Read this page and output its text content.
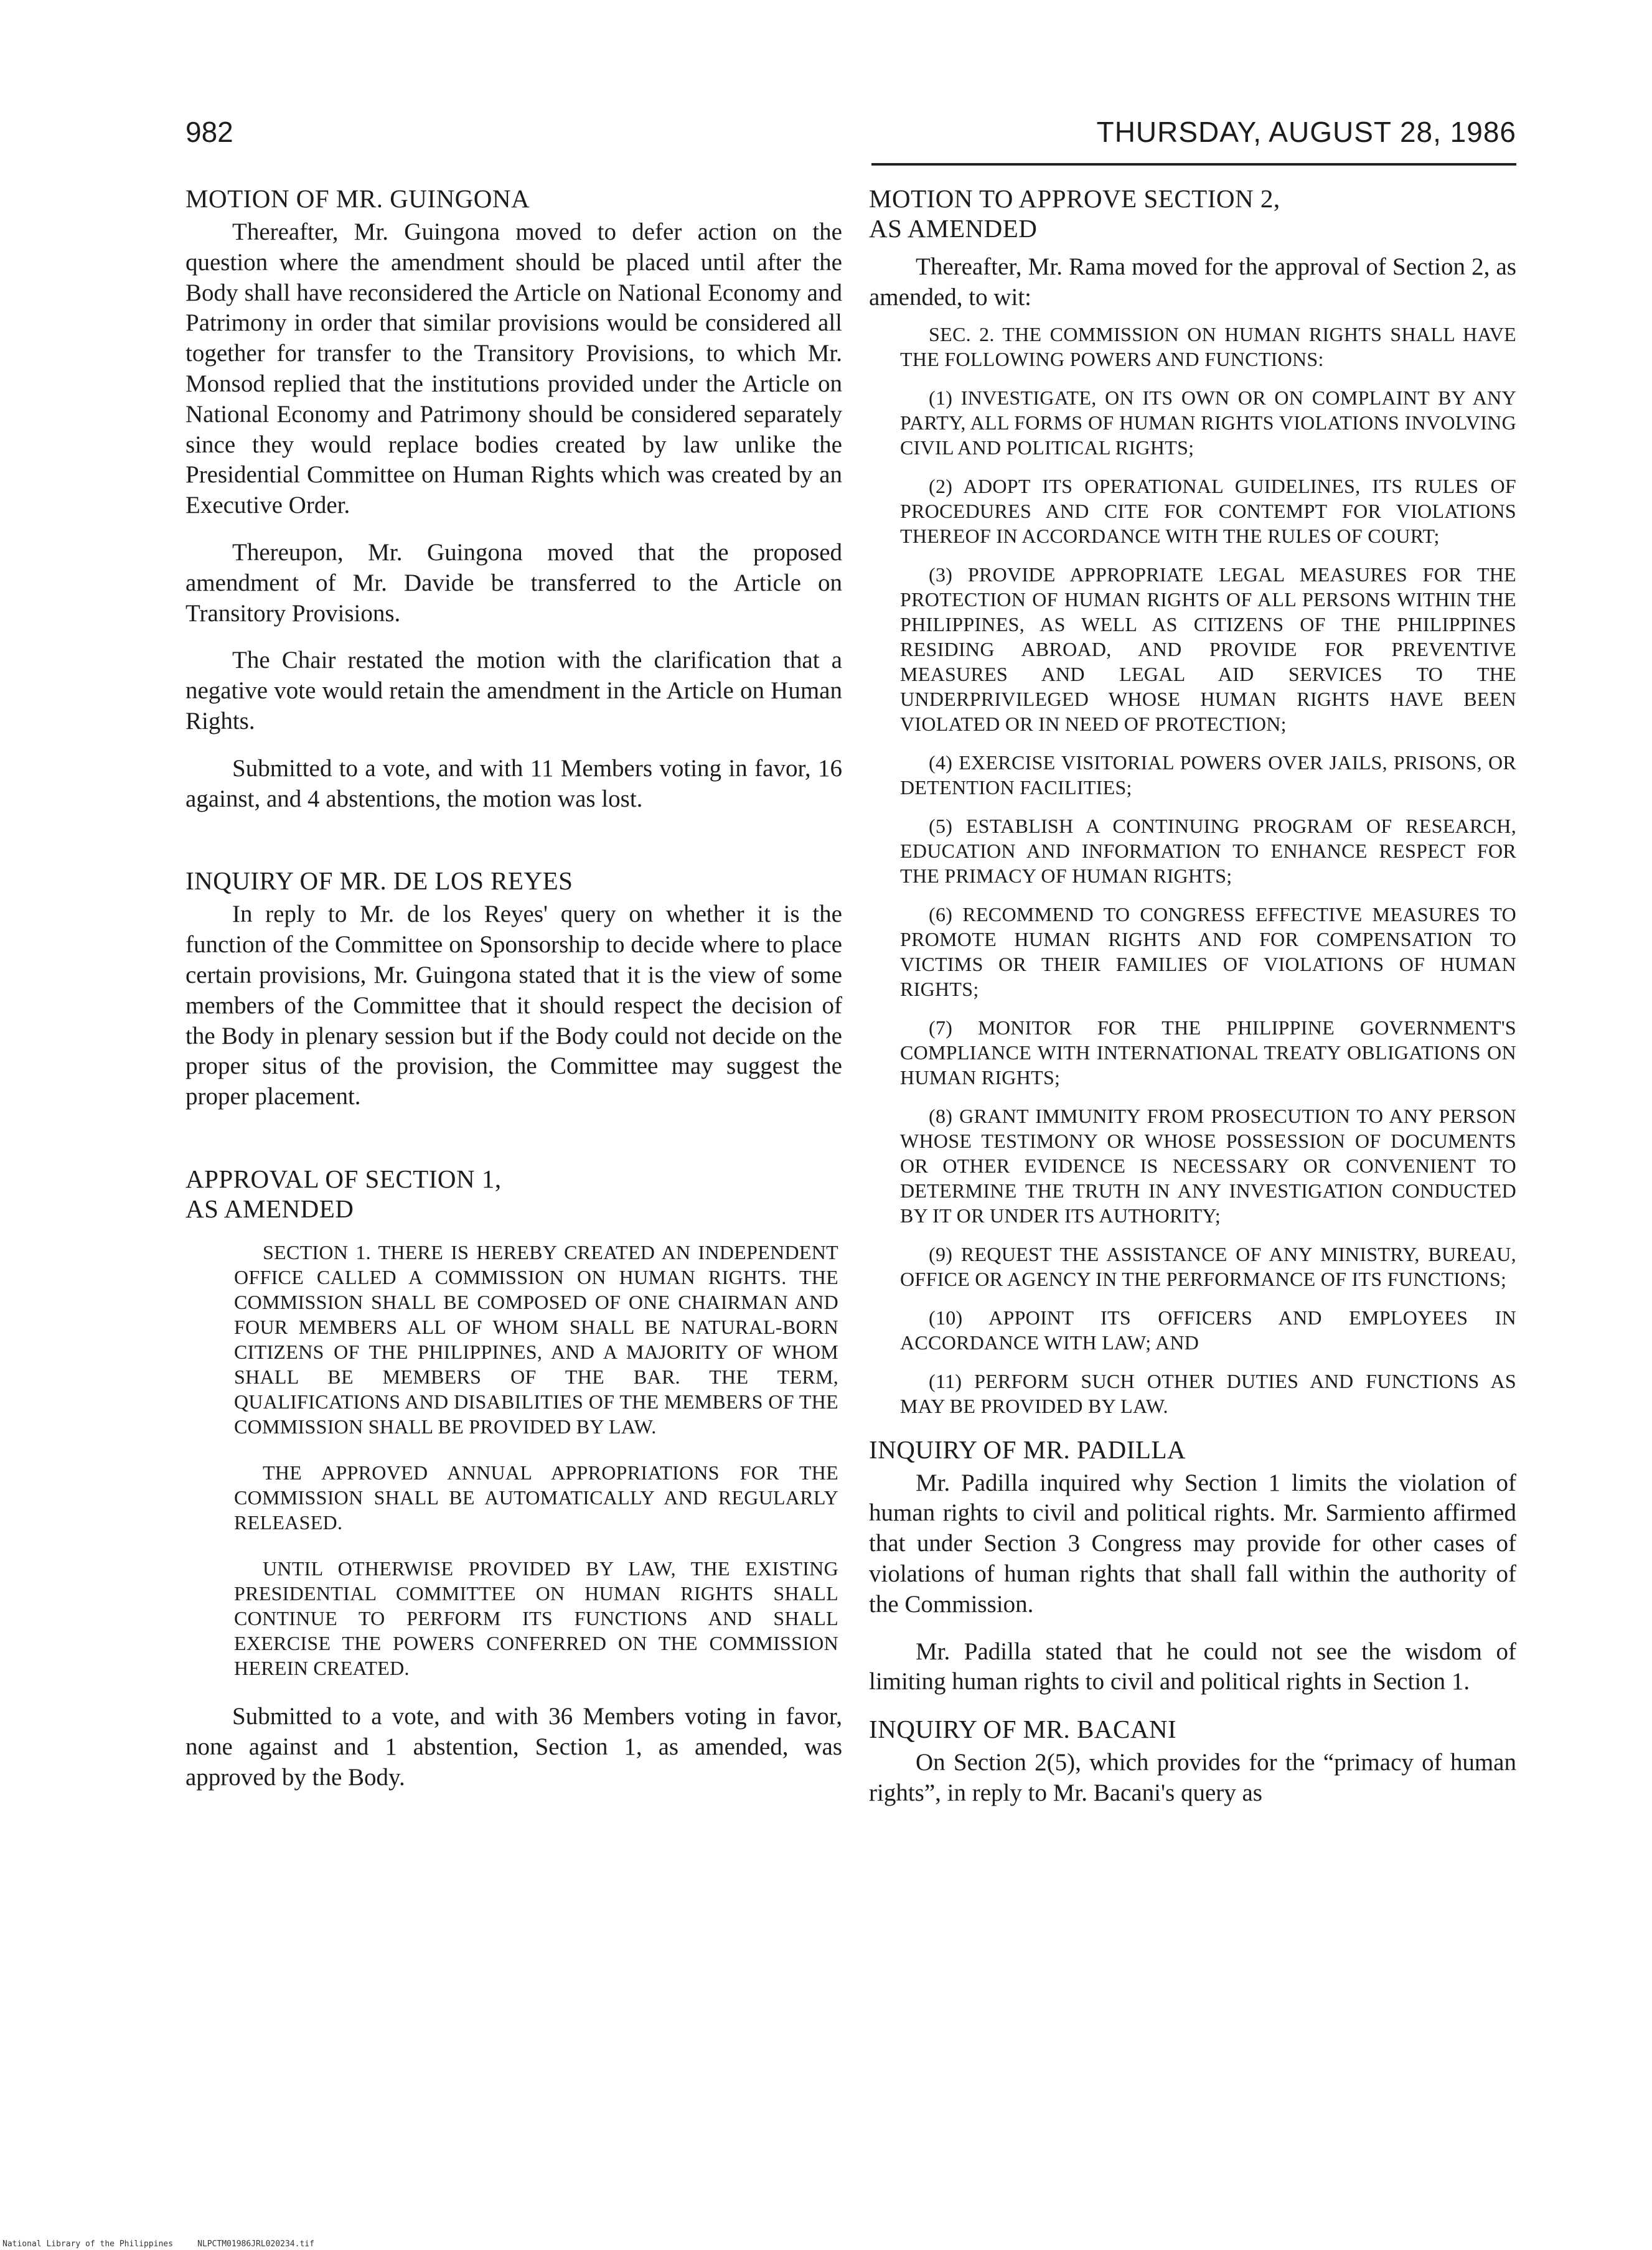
982	THURSDAY, AUGUST 28, 1986
MOTION OF MR. GUINGONA

Thereafter, Mr. Guingona moved to defer action on the question where the amendment should be placed until after the Body shall have reconsidered the Article on National Economy and Patrimony in order that similar provisions would be considered all together for transfer to the Transitory Provisions, to which Mr. Monsod replied that the institutions provided under the Article on National Economy and Patrimony should be considered separately since they would replace bodies created by law unlike the Presidential Committee on Human Rights which was created by an Executive Order.

Thereupon, Mr. Guingona moved that the proposed amendment of Mr. Davide be transferred to the Article on Transitory Provisions.

The Chair restated the motion with the clarification that a negative vote would retain the amendment in the Article on Human Rights.

Submitted to a vote, and with 11 Members voting in favor, 16 against, and 4 abstentions, the motion was lost.

INQUIRY OF MR. DE LOS REYES

In reply to Mr. de los Reyes' query on whether it is the function of the Committee on Sponsorship to decide where to place certain provisions, Mr. Guingona stated that it is the view of some members of the Committee that it should respect the decision of the Body in plenary session but if the Body could not decide on the proper situs of the provision, the Committee may suggest the proper placement.

APPROVAL OF SECTION 1,
AS AMENDED

SECTION 1. THERE IS HEREBY CREATED AN INDEPENDENT OFFICE CALLED A COMMISSION ON HUMAN RIGHTS. THE COMMISSION SHALL BE COMPOSED OF ONE CHAIRMAN AND FOUR MEMBERS ALL OF WHOM SHALL BE NATURAL-BORN CITIZENS OF THE PHILIPPINES, AND A MAJORITY OF WHOM SHALL BE MEMBERS OF THE BAR. THE TERM, QUALIFICATIONS AND DISABILITIES OF THE MEMBERS OF THE COMMISSION SHALL BE PROVIDED BY LAW.

THE APPROVED ANNUAL APPROPRIATIONS FOR THE COMMISSION SHALL BE AUTOMATICALLY AND REGULARLY RELEASED.

UNTIL OTHERWISE PROVIDED BY LAW, THE EXISTING PRESIDENTIAL COMMITTEE ON HUMAN RIGHTS SHALL CONTINUE TO PERFORM ITS FUNCTIONS AND SHALL EXERCISE THE POWERS CONFERRED ON THE COMMISSION HEREIN CREATED.

Submitted to a vote, and with 36 Members voting in favor, none against and 1 abstention, Section 1, as amended, was approved by the Body.

MOTION TO APPROVE SECTION 2,
AS AMENDED

Thereafter, Mr. Rama moved for the approval of Section 2, as amended, to wit:

SEC. 2. THE COMMISSION ON HUMAN RIGHTS SHALL HAVE THE FOLLOWING POWERS AND FUNCTIONS:

(1) INVESTIGATE, ON ITS OWN OR ON COMPLAINT BY ANY PARTY, ALL FORMS OF HUMAN RIGHTS VIOLATIONS INVOLVING CIVIL AND POLITICAL RIGHTS;

(2) ADOPT ITS OPERATIONAL GUIDELINES, ITS RULES OF PROCEDURES AND CITE FOR CONTEMPT FOR VIOLATIONS THEREOF IN ACCORDANCE WITH THE RULES OF COURT;

(3) PROVIDE APPROPRIATE LEGAL MEASURES FOR THE PROTECTION OF HUMAN RIGHTS OF ALL PERSONS WITHIN THE PHILIPPINES, AS WELL AS CITIZENS OF THE PHILIPPINES RESIDING ABROAD, AND PROVIDE FOR PREVENTIVE MEASURES AND LEGAL AID SERVICES TO THE UNDERPRIVILEGED WHOSE HUMAN RIGHTS HAVE BEEN VIOLATED OR IN NEED OF PROTECTION;

(4) EXERCISE VISITORIAL POWERS OVER JAILS, PRISONS, OR DETENTION FACILITIES;

(5) ESTABLISH A CONTINUING PROGRAM OF RESEARCH, EDUCATION AND INFORMATION TO ENHANCE RESPECT FOR THE PRIMACY OF HUMAN RIGHTS;

(6) RECOMMEND TO CONGRESS EFFECTIVE MEASURES TO PROMOTE HUMAN RIGHTS AND FOR COMPENSATION TO VICTIMS OR THEIR FAMILIES OF VIOLATIONS OF HUMAN RIGHTS;

(7) MONITOR FOR THE PHILIPPINE GOVERNMENT'S COMPLIANCE WITH INTERNATIONAL TREATY OBLIGATIONS ON HUMAN RIGHTS;

(8) GRANT IMMUNITY FROM PROSECUTION TO ANY PERSON WHOSE TESTIMONY OR WHOSE POSSESSION OF DOCUMENTS OR OTHER EVIDENCE IS NECESSARY OR CONVENIENT TO DETERMINE THE TRUTH IN ANY INVESTIGATION CONDUCTED BY IT OR UNDER ITS AUTHORITY;

(9) REQUEST THE ASSISTANCE OF ANY MINISTRY, BUREAU, OFFICE OR AGENCY IN THE PERFORMANCE OF ITS FUNCTIONS;

(10) APPOINT ITS OFFICERS AND EMPLOYEES IN ACCORDANCE WITH LAW; AND

(11) PERFORM SUCH OTHER DUTIES AND FUNCTIONS AS MAY BE PROVIDED BY LAW.

INQUIRY OF MR. PADILLA

Mr. Padilla inquired why Section 1 limits the violation of human rights to civil and political rights. Mr. Sarmiento affirmed that under Section 3 Congress may provide for other cases of violations of human rights that shall fall within the authority of the Commission.

Mr. Padilla stated that he could not see the wisdom of limiting human rights to civil and political rights in Section 1.

INQUIRY OF MR. BACANI

On Section 2(5), which provides for the “primacy of human rights”, in reply to Mr. Bacani's query as

National Library of the Philippines	NLPCTM01986JRL020234.tif
